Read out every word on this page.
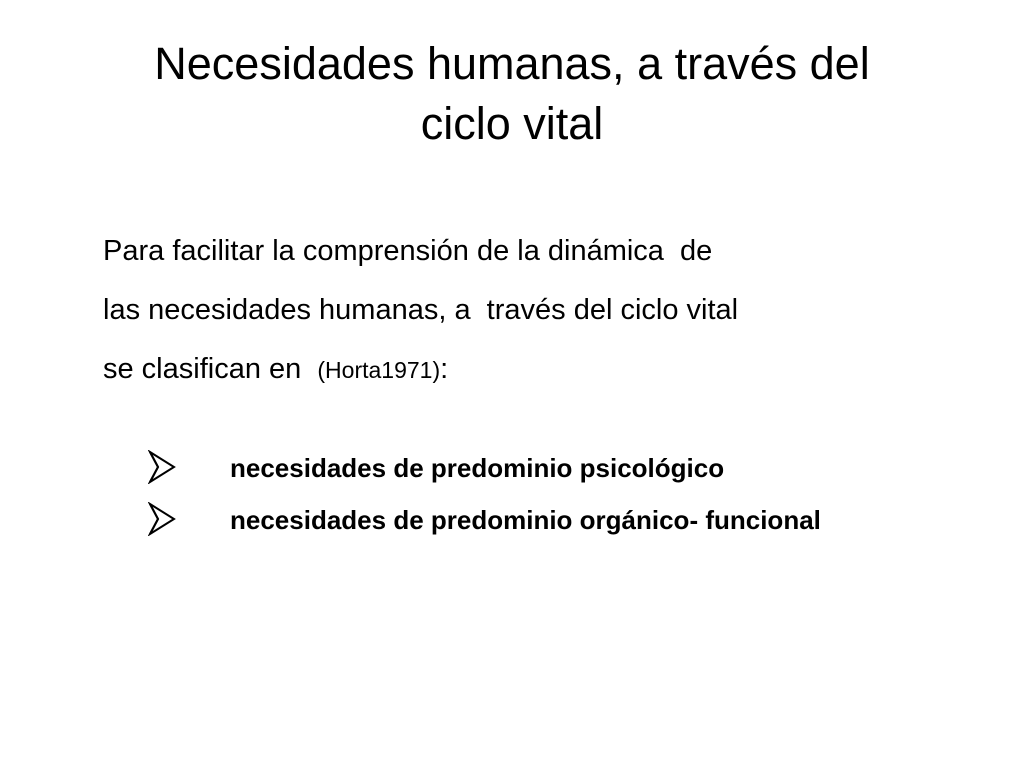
Necesidades humanas, a través del
ciclo vital
Para facilitar la comprensión de la dinámica  de
las necesidades humanas, a  través del ciclo vital
se clasifican en  (Horta1971):
necesidades de predominio psicológico
necesidades de predominio orgánico- funcional
